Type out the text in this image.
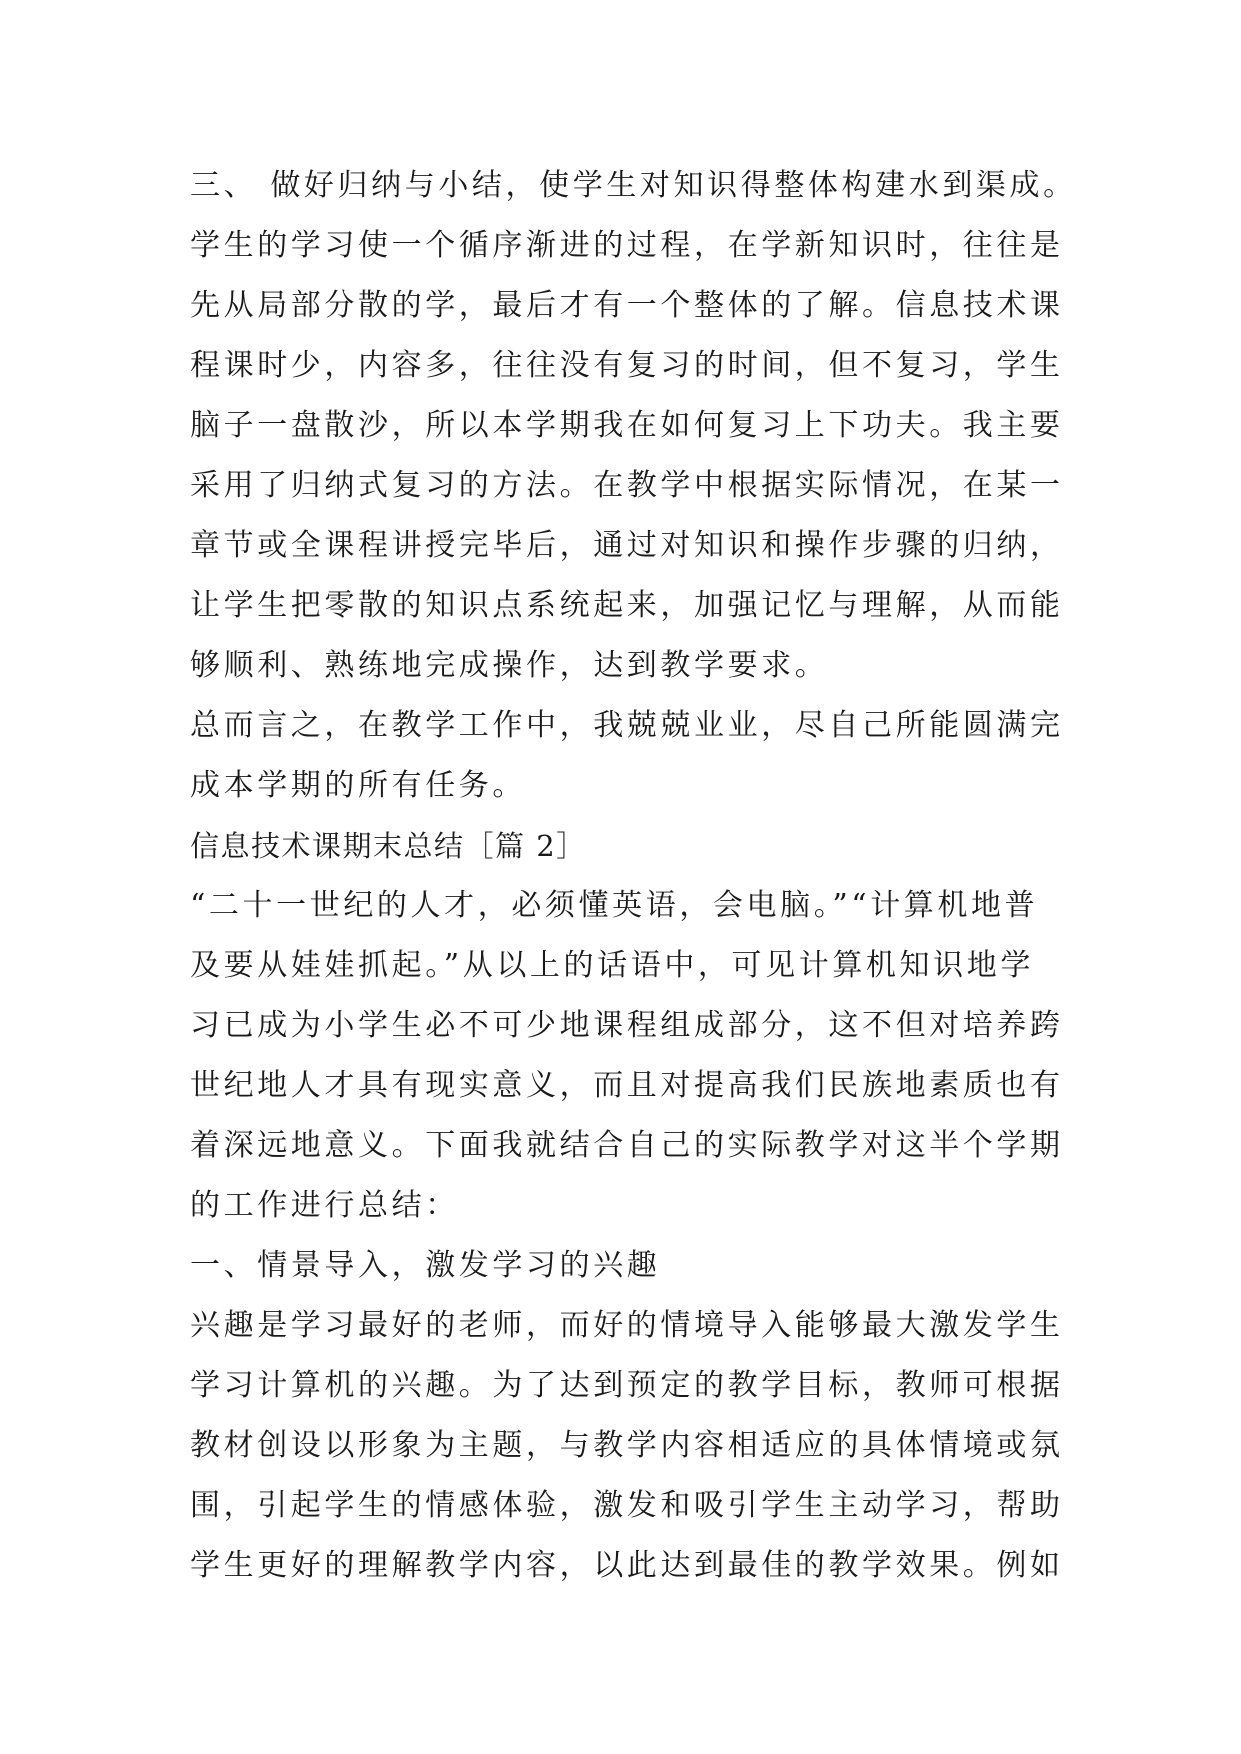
三、 做好归纳与小结，使学生对知识得整体构建水到渠成。
学生的学习使一个循序渐进的过程，在学新知识时，往往是
先从局部分散的学，最后才有一个整体的了解。信息技术课
程课时少，内容多，往往没有复习的时间，但不复习，学生
脑子一盘散沙，所以本学期我在如何复习上下功夫。我主要
采用了归纳式复习的方法。在教学中根据实际情况，在某一
章节或全课程讲授完毕后，通过对知识和操作步骤的归纳，
让学生把零散的知识点系统起来，加强记忆与理解，从而能
够顺利、熟练地完成操作，达到教学要求。
总而言之，在教学工作中，我兢兢业业，尽自己所能圆满完
成本学期的所有任务。
信息技术课期末总结［篇 2］
“二十一世纪的人才，必须懂英语，会电脑。”“计算机地普
及要从娃娃抓起。”从以上的话语中，可见计算机知识地学
习已成为小学生必不可少地课程组成部分，这不但对培养跨
世纪地人才具有现实意义，而且对提高我们民族地素质也有
着深远地意义。下面我就结合自己的实际教学对这半个学期
的工作进行总结：
一、情景导入，激发学习的兴趣
兴趣是学习最好的老师，而好的情境导入能够最大激发学生
学习计算机的兴趣。为了达到预定的教学目标，教师可根据
教材创设以形象为主题，与教学内容相适应的具体情境或氛
围，引起学生的情感体验，激发和吸引学生主动学习，帮助
学生更好的理解教学内容，以此达到最佳的教学效果。例如
